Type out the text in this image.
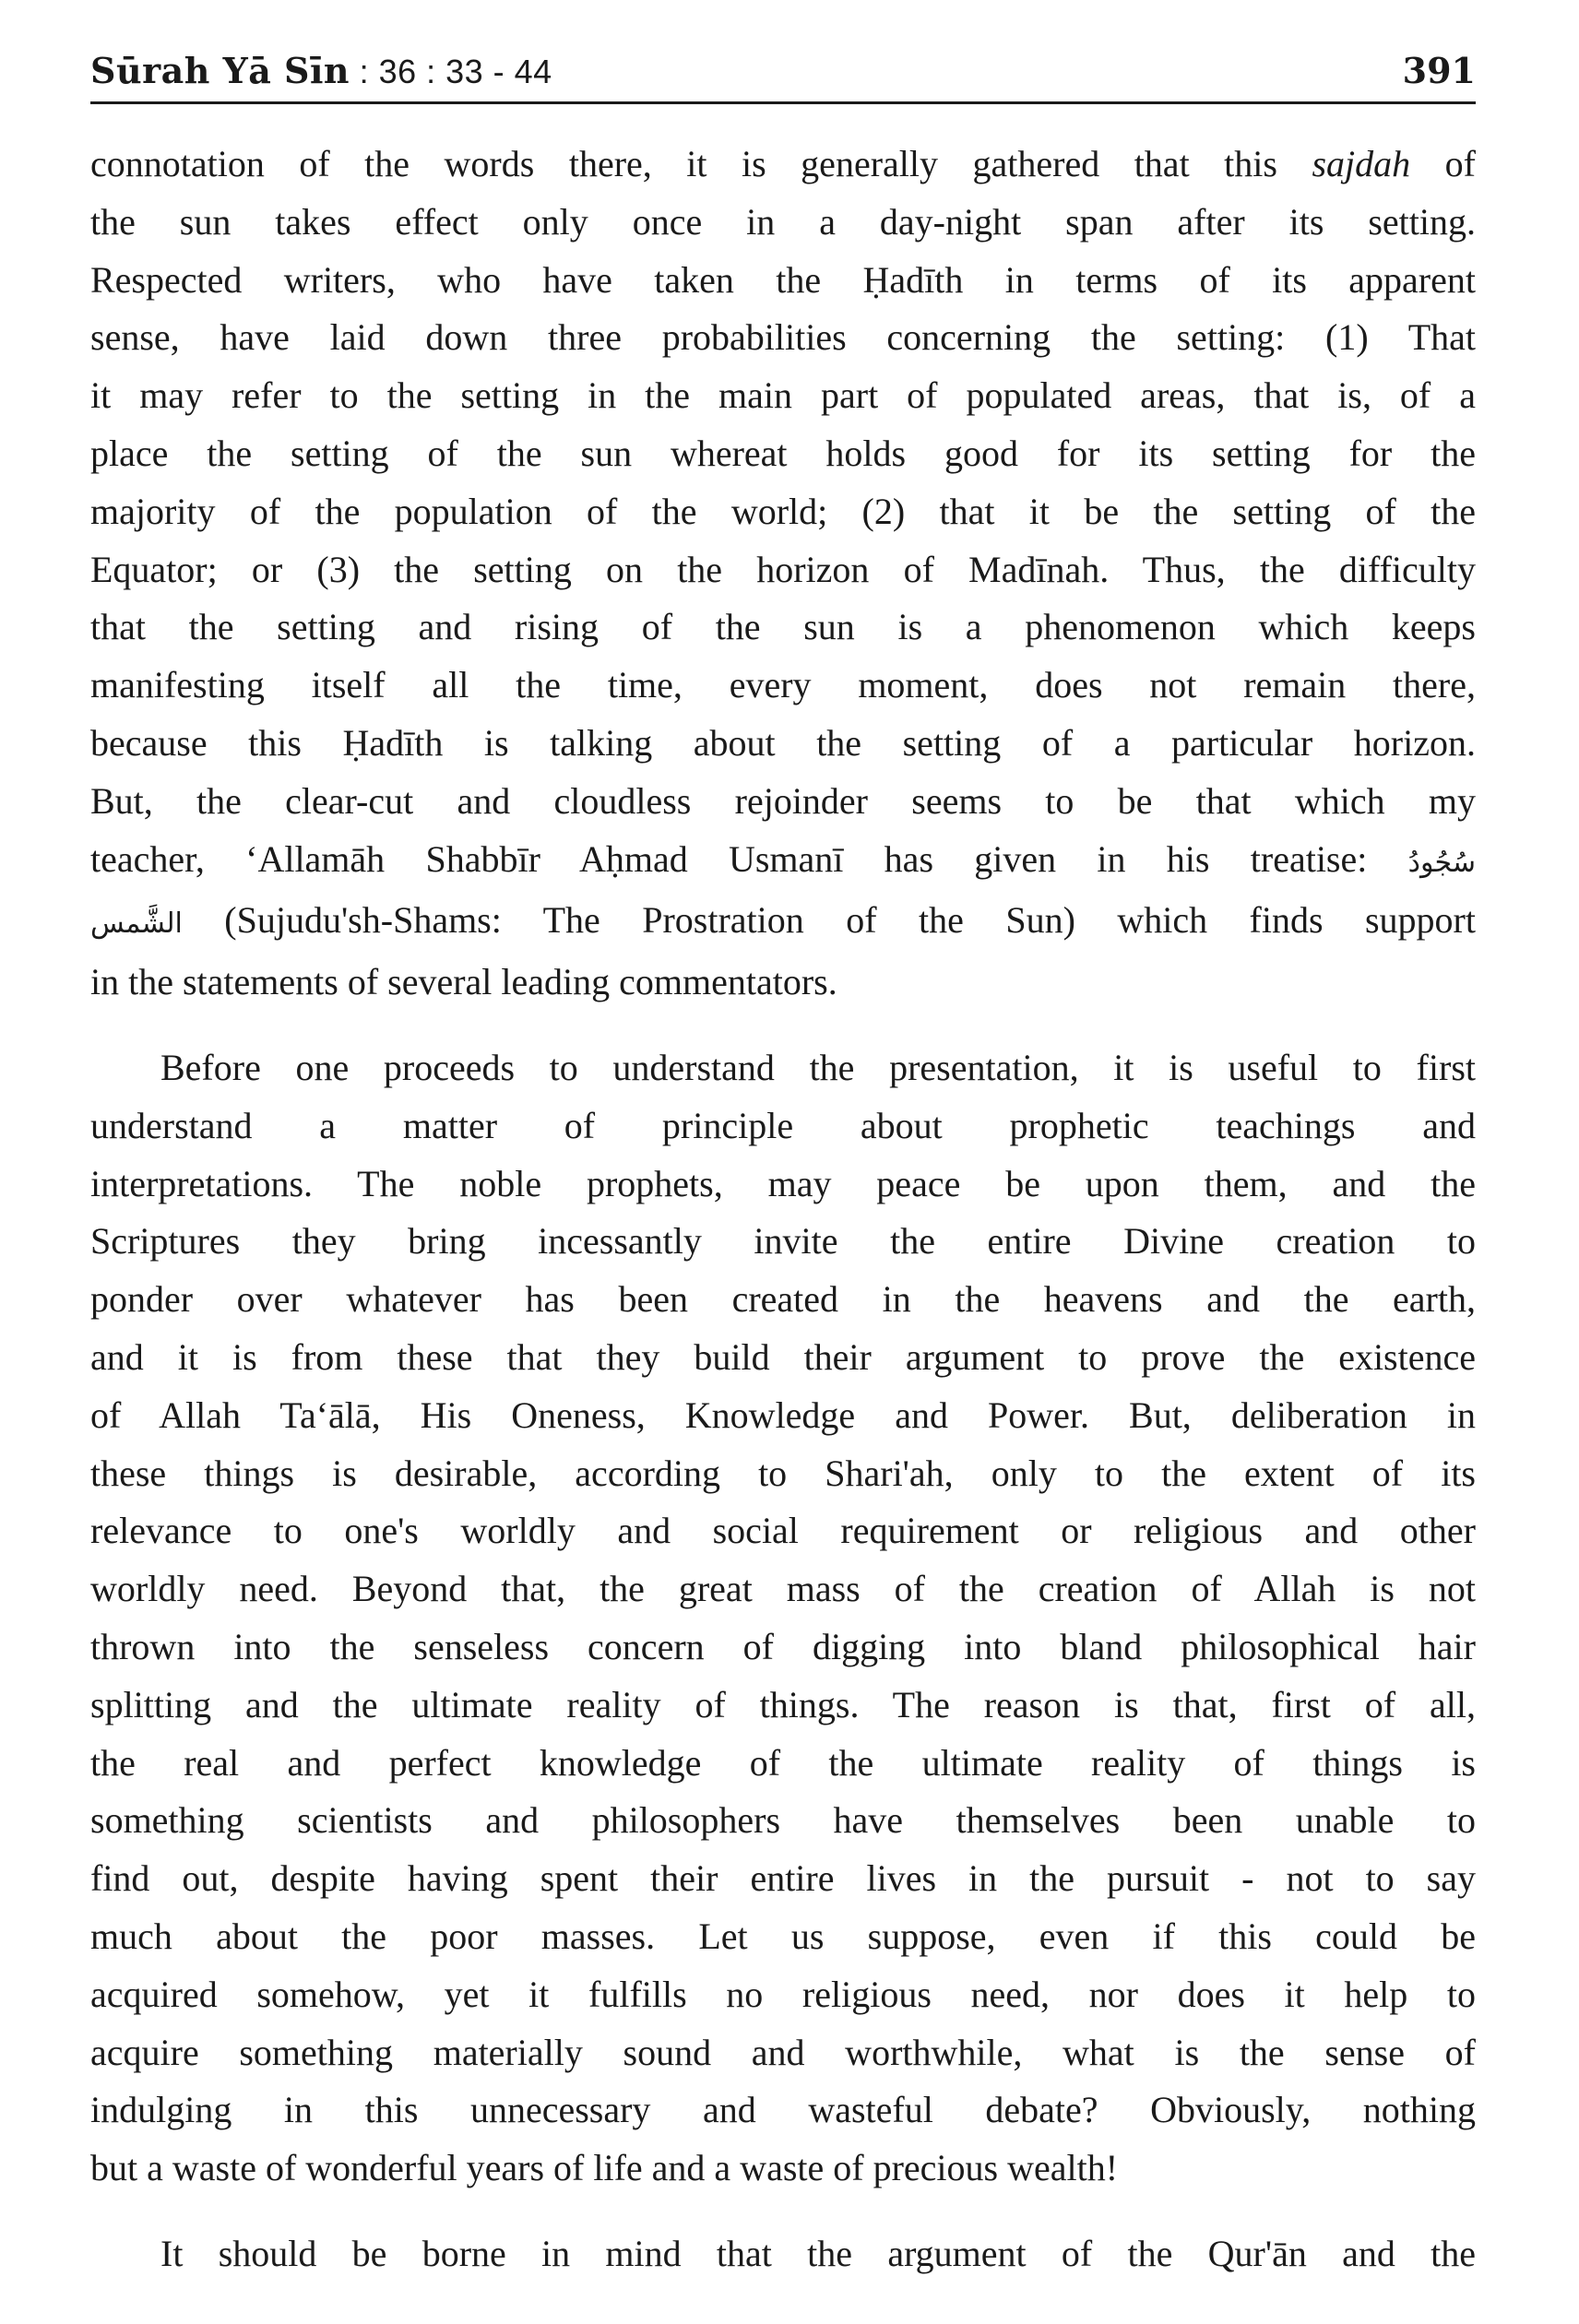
Sūrah Yā Sīn : 36 : 33 - 44	391
connotation of the words there, it is generally gathered that this sajdah of
the sun takes effect only once in a day-night span after its setting.
Respected writers, who have taken the Ḥadīth in terms of its apparent
sense, have laid down three probabilities concerning the setting: (1) That
it may refer to the setting in the main part of populated areas, that is, of a
place the setting of the sun whereat holds good for its setting for the
majority of the population of the world; (2) that it be the setting of the
Equator; or (3) the setting on the horizon of Madīnah. Thus, the difficulty
that the setting and rising of the sun is a phenomenon which keeps
manifesting itself all the time, every moment, does not remain there,
because this Ḥadīth is talking about the setting of a particular horizon.
But, the clear-cut and cloudless rejoinder seems to be that which my
teacher, ‘Allamāh Shabbīr Aḥmad Usmanī has given in his treatise: سُجُودُ
الشَّمس (Sujudu'sh-Shams: The Prostration of the Sun) which finds support
in the statements of several leading commentators.
Before one proceeds to understand the presentation, it is useful to first
understand a matter of principle about prophetic teachings and
interpretations. The noble prophets, may peace be upon them, and the
Scriptures they bring incessantly invite the entire Divine creation to
ponder over whatever has been created in the heavens and the earth,
and it is from these that they build their argument to prove the existence
of Allah Ta‘ālā, His Oneness, Knowledge and Power. But, deliberation in
these things is desirable, according to Shari'ah, only to the extent of its
relevance to one's worldly and social requirement or religious and other
worldly need. Beyond that, the great mass of the creation of Allah is not
thrown into the senseless concern of digging into bland philosophical hair
splitting and the ultimate reality of things. The reason is that, first of all,
the real and perfect knowledge of the ultimate reality of things is
something scientists and philosophers have themselves been unable to
find out, despite having spent their entire lives in the pursuit - not to say
much about the poor masses. Let us suppose, even if this could be
acquired somehow, yet it fulfills no religious need, nor does it help to
acquire something materially sound and worthwhile, what is the sense of
indulging in this unnecessary and wasteful debate? Obviously, nothing
but a waste of wonderful years of life and a waste of precious wealth!
It should be borne in mind that the argument of the Qur'ān and the
